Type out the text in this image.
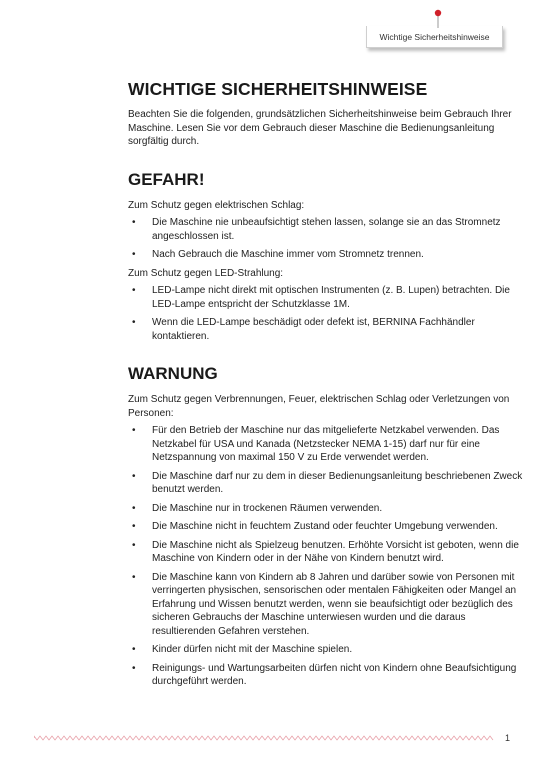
Wichtige Sicherheitshinweise
WICHTIGE SICHERHEITSHINWEISE

Beachten Sie die folgenden, grundsätzlichen Sicherheitshinweise beim Gebrauch Ihrer Maschine. Lesen Sie vor dem Gebrauch dieser Maschine die Bedienungsanleitung sorgfältig durch.

GEFAHR!

Zum Schutz gegen elektrischen Schlag:

• Die Maschine nie unbeaufsichtigt stehen lassen, solange sie an das Stromnetz angeschlossen ist.
• Nach Gebrauch die Maschine immer vom Stromnetz trennen.

Zum Schutz gegen LED-Strahlung:

• LED-Lampe nicht direkt mit optischen Instrumenten (z. B. Lupen) betrachten. Die LED-Lampe entspricht der Schutzklasse 1M.
• Wenn die LED-Lampe beschädigt oder defekt ist, BERNINA Fachhändler kontaktieren.
WARNUNG

Zum Schutz gegen Verbrennungen, Feuer, elektrischen Schlag oder Verletzungen von Personen:

• Für den Betrieb der Maschine nur das mitgelieferte Netzkabel verwenden. Das Netzkabel für USA und Kanada (Netzstecker NEMA 1-15) darf nur für eine Netzspannung von maximal 150 V zu Erde verwendet werden.
• Die Maschine darf nur zu dem in dieser Bedienungsanleitung beschriebenen Zweck benutzt werden.
• Die Maschine nur in trockenen Räumen verwenden.
• Die Maschine nicht in feuchtem Zustand oder feuchter Umgebung verwenden.
• Die Maschine nicht als Spielzeug benutzen. Erhöhte Vorsicht ist geboten, wenn die Maschine von Kindern oder in der Nähe von Kindern benutzt wird.
• Die Maschine kann von Kindern ab 8 Jahren und darüber sowie von Personen mit verringerten physischen, sensorischen oder mentalen Fähigkeiten oder Mangel an Erfahrung und Wissen benutzt werden, wenn sie beaufsichtigt oder bezüglich des sicheren Gebrauchs der Maschine unterwiesen wurden und die daraus resultierenden Gefahren verstehen.
• Kinder dürfen nicht mit der Maschine spielen.
• Reinigungs- und Wartungsarbeiten dürfen nicht von Kindern ohne Beaufsichtigung durchgeführt werden.
1
